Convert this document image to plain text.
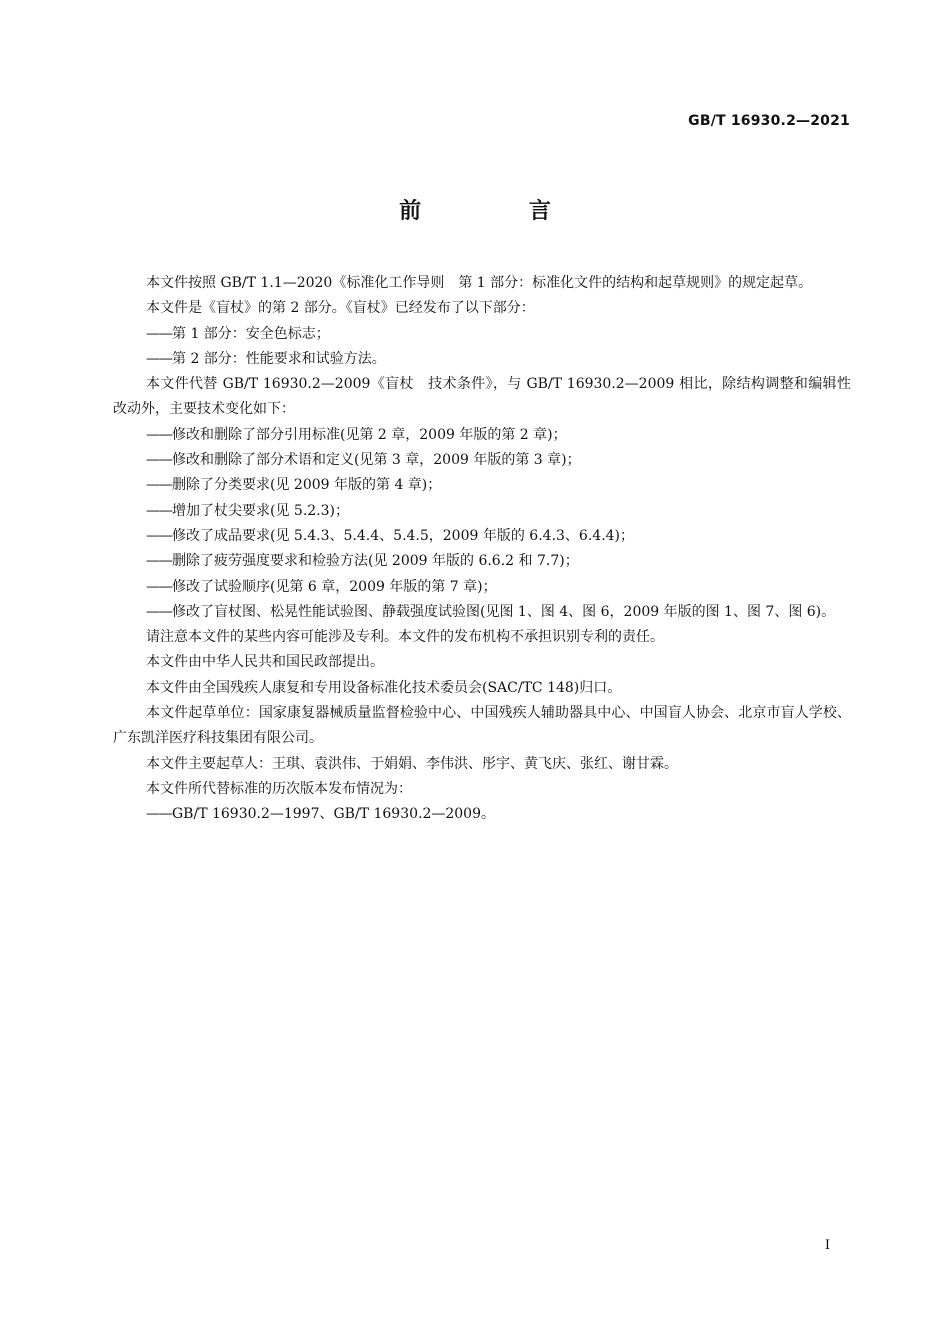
GB/T 16930.2—2021
前 言

本文件按照 GB/T 1.1—2020《标准化工作导则　第 1 部分：标准化文件的结构和起草规则》的规定起草。

本文件是《盲杖》的第 2 部分。《盲杖》已经发布了以下部分：

—— 第 1 部分：安全色标志；

—— 第 2 部分：性能要求和试验方法。

本文件代替 GB/T 16930.2—2009《盲杖　技术条件》，与 GB/T 16930.2—2009 相比，除结构调整和编辑性改动外，主要技术变化如下：

—— 修改和删除了部分引用标准(见第 2 章，2009 年版的第 2 章)；

—— 修改和删除了部分术语和定义(见第 3 章，2009 年版的第 3 章)；

—— 删除了分类要求(见 2009 年版的第 4 章)；

—— 增加了杖尖要求(见 5.2.3)；

—— 修改了成品要求(见 5.4.3、5.4.4、5.4.5，2009 年版的 6.4.3、6.4.4)；

—— 删除了疲劳强度要求和检验方法(见 2009 年版的 6.6.2 和 7.7)；

—— 修改了试验顺序(见第 6 章，2009 年版的第 7 章)；

—— 修改了盲杖图、松晃性能试验图、静载强度试验图(见图 1、图 4、图 6，2009 年版的图 1、图 7、图 6)。

请注意本文件的某些内容可能涉及专利。本文件的发布机构不承担识别专利的责任。

本文件由中华人民共和国民政部提出。

本文件由全国残疾人康复和专用设备标准化技术委员会(SAC/TC 148)归口。

本文件起草单位：国家康复器械质量监督检验中心、中国残疾人辅助器具中心、中国盲人协会、北京市盲人学校、广东凯洋医疗科技集团有限公司。

本文件主要起草人：王琪、袁洪伟、于娟娟、李伟洪、彤宇、黄飞庆、张红、谢甘霖。

本文件所代替标准的历次版本发布情况为：

—— GB/T 16930.2—1997、GB/T 16930.2—2009。

I
